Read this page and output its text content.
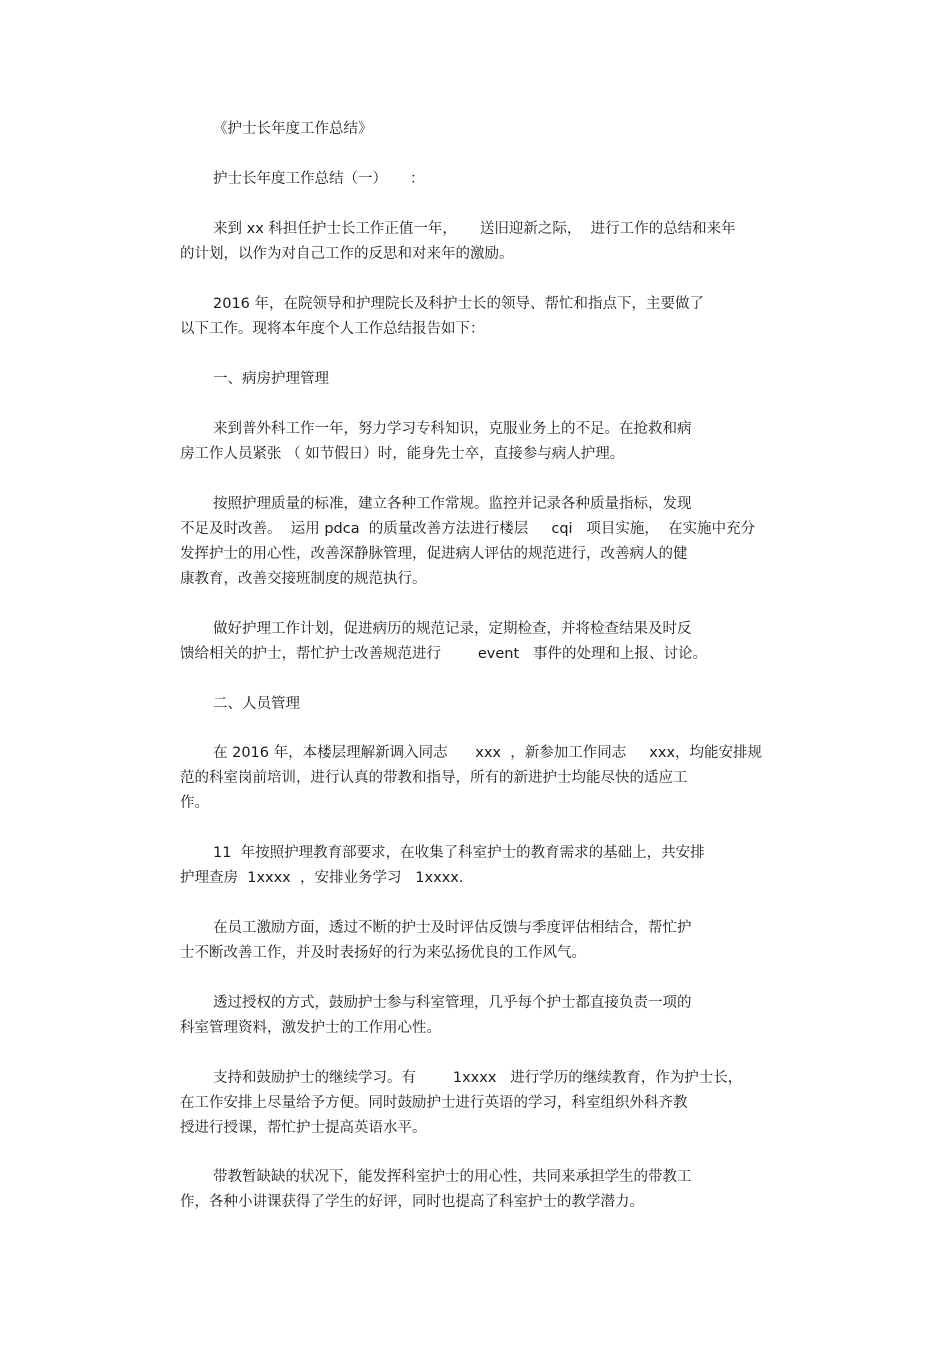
《护士长年度工作总结》

护士长年度工作总结（一）     ：

来到 xx 科担任护士长工作正值一年，     送旧迎新之际，  进行工作的总结和来年

的计划，以作为对自己工作的反思和对来年的激励。

2016 年，在院领导和护理院长及科护士长的领导、帮忙和指点下，主要做了

以下工作。现将本年度个人工作总结报告如下：

一、病房护理管理

来到普外科工作一年，努力学习专科知识，克服业务上的不足。在抢救和病

房工作人员紧张 （ 如节假日）时，能身先士卒，直接参与病人护理。

按照护理质量的标准，建立各种工作常规。监控并记录各种质量指标，发现

不足及时改善。  运用 pdca  的质量改善方法进行楼层     cqi   项目实施，  在实施中充分

发挥护士的用心性，改善深静脉管理，促进病人评估的规范进行，改善病人的健

康教育，改善交接班制度的规范执行。

做好护理工作计划，促进病历的规范记录，定期检查，并将检查结果及时反

馈给相关的护士，帮忙护士改善规范进行        event   事件的处理和上报、讨论。

二、人员管理

在 2016 年，本楼层理解新调入同志      xxx  ，新参加工作同志     xxx，均能安排规

范的科室岗前培训，进行认真的带教和指导，所有的新进护士均能尽快的适应工

作。

11  年按照护理教育部要求，在收集了科室护士的教育需求的基础上，共安排

护理查房  1xxxx  ，安排业务学习   1xxxx.

在员工激励方面，透过不断的护士及时评估反馈与季度评估相结合，帮忙护

士不断改善工作，并及时表扬好的行为来弘扬优良的工作风气。

透过授权的方式，鼓励护士参与科室管理，几乎每个护士都直接负责一项的

科室管理资料，激发护士的工作用心性。

支持和鼓励护士的继续学习。有        1xxxx   进行学历的继续教育，作为护士长，

在工作安排上尽量给予方便。同时鼓励护士进行英语的学习，科室组织外科齐教

授进行授课，帮忙护士提高英语水平。

带教暂缺缺的状况下，能发挥科室护士的用心性，共同来承担学生的带教工

作，各种小讲课获得了学生的好评，同时也提高了科室护士的教学潜力。
